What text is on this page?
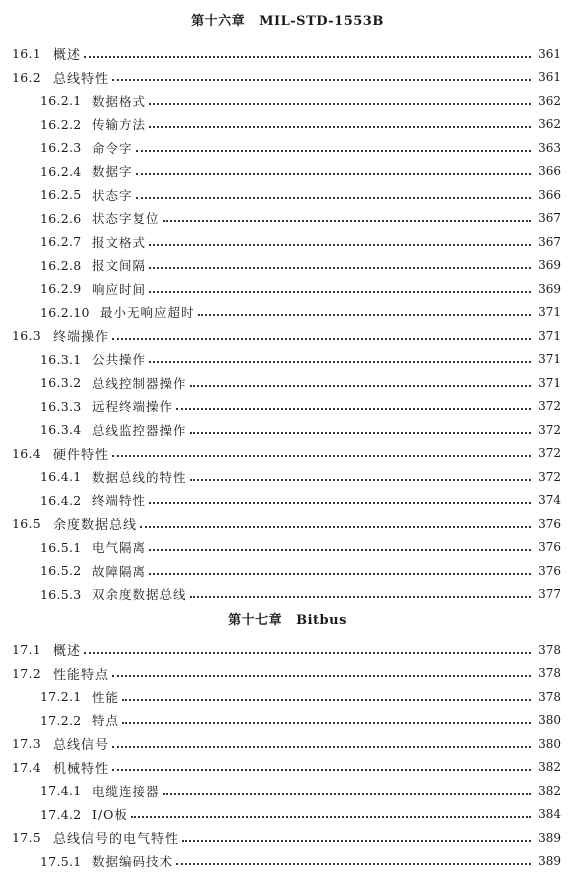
第十六章 MIL-STD-1553B
16.1 概述	361
16.2 总线特性	361
16.2.1 数据格式	362
16.2.2 传输方法	362
16.2.3 命令字	363
16.2.4 数据字	366
16.2.5 状态字	366
16.2.6 状态字复位	367
16.2.7 报文格式	367
16.2.8 报文间隔	369
16.2.9 响应时间	369
16.2.10 最小无响应超时	371
16.3 终端操作	371
16.3.1 公共操作	371
16.3.2 总线控制器操作	371
16.3.3 远程终端操作	372
16.3.4 总线监控器操作	372
16.4 硬件特性	372
16.4.1 数据总线的特性	372
16.4.2 终端特性	374
16.5 余度数据总线	376
16.5.1 电气隔离	376
16.5.2 故障隔离	376
16.5.3 双余度数据总线	377
第十七章 Bitbus
17.1 概述	378
17.2 性能特点	378
17.2.1 性能	378
17.2.2 特点	380
17.3 总线信号	380
17.4 机械特性	382
17.4.1 电缆连接器	382
17.4.2 I/O板	384
17.5 总线信号的电气特性	389
17.5.1 数据编码技术	389
